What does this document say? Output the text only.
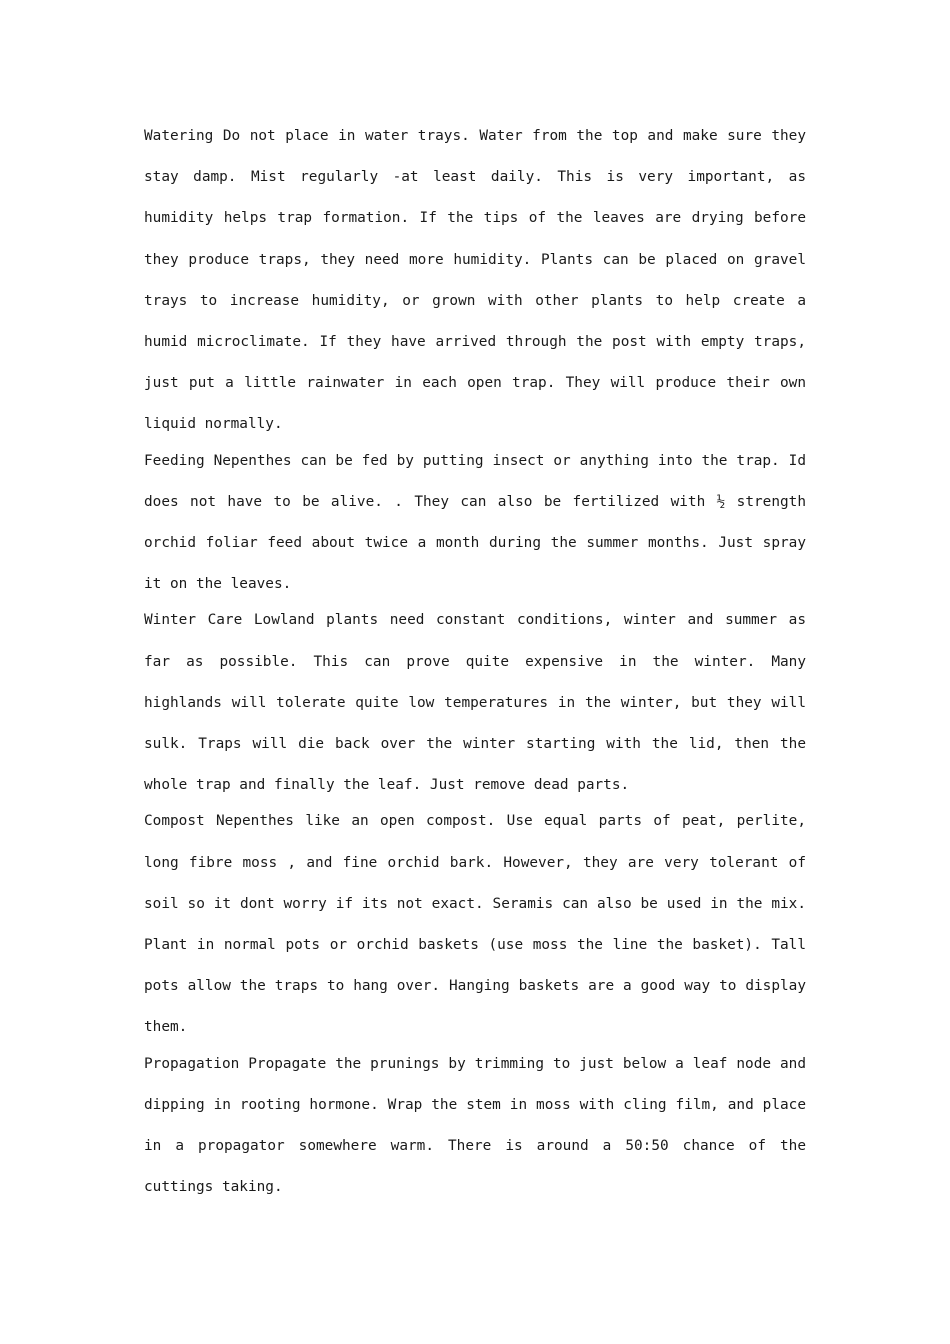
Watering Do not place in water trays. Water from the top and make sure they stay damp. Mist regularly -at least daily. This is very important, as humidity helps trap formation. If the tips of the leaves are drying before they produce traps, they need more humidity. Plants can be placed on gravel trays to increase humidity, or grown with other plants to help create a humid microclimate. If they have arrived through the post with empty traps, just put a little rainwater in each open trap. They will produce their own liquid normally.

Feeding Nepenthes can be fed by putting insect or anything into the trap. Id does not have to be alive. . They can also be fertilized with ½ strength orchid foliar feed about twice a month during the summer months. Just spray it on the leaves.

Winter Care Lowland plants need constant conditions, winter and summer as far as possible. This can prove quite expensive in the winter. Many highlands will tolerate quite low temperatures in the winter, but they will sulk. Traps will die back over the winter starting with the lid, then the whole trap and finally the leaf. Just remove dead parts.

Compost Nepenthes like an open compost. Use equal parts of peat, perlite, long fibre moss , and fine orchid bark. However, they are very tolerant of soil so it dont worry if its not exact. Seramis can also be used in the mix. Plant in normal pots or orchid baskets (use moss the line the basket). Tall pots allow the traps to hang over. Hanging baskets are a good way to display them.

Propagation Propagate the prunings by trimming to just below a leaf node and dipping in rooting hormone. Wrap the stem in moss with cling film, and place in a propagator somewhere warm. There is around a 50:50 chance of the cuttings taking.
